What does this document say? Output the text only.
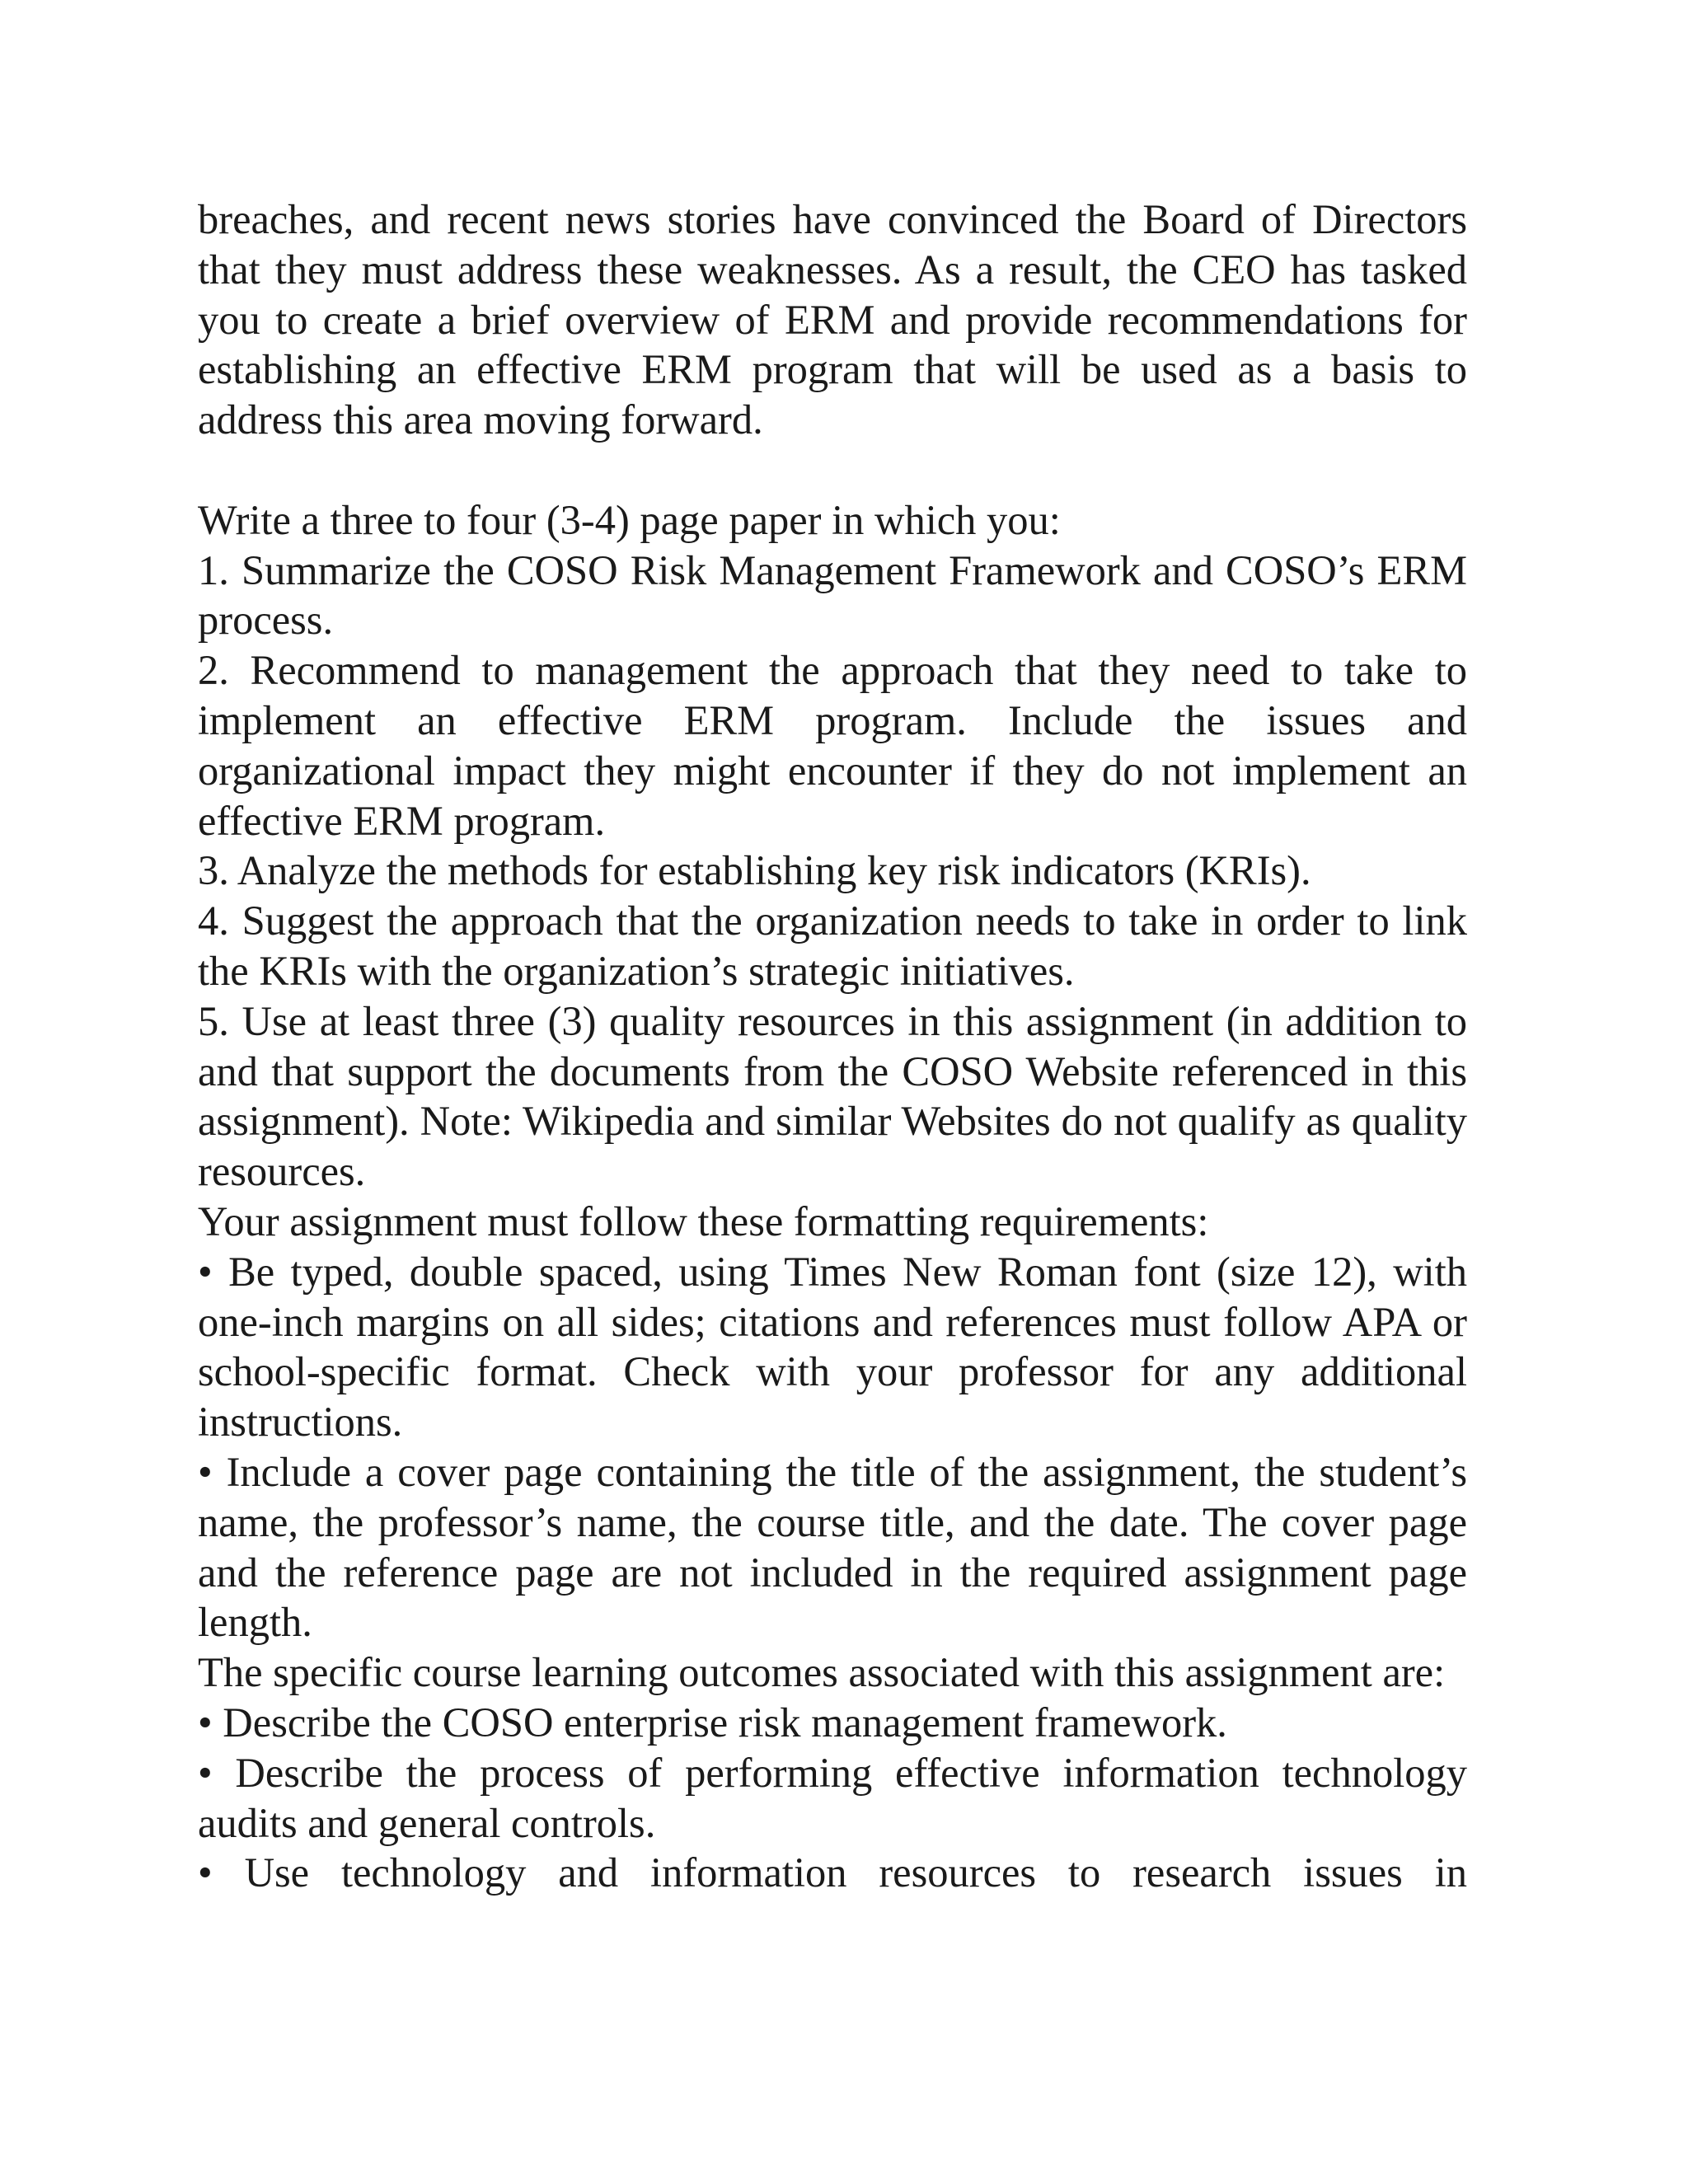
breaches, and recent news stories have convinced the Board of Directors that they must address these weaknesses. As a result, the CEO has tasked you to create a brief overview of ERM and provide recommendations for establishing an effective ERM program that will be used as a basis to address this area moving forward.

Write a three to four (3-4) page paper in which you:

1. Summarize the COSO Risk Management Framework and COSO’s ERM process.

2. Recommend to management the approach that they need to take to implement an effective ERM program. Include the issues and organizational impact they might encounter if they do not implement an effective ERM program.

3. Analyze the methods for establishing key risk indicators (KRIs).

4. Suggest the approach that the organization needs to take in order to link the KRIs with the organization’s strategic initiatives.

5. Use at least three (3) quality resources in this assignment (in addition to and that support the documents from the COSO Website referenced in this assignment). Note: Wikipedia and similar Websites do not qualify as quality resources.

Your assignment must follow these formatting requirements:

• Be typed, double spaced, using Times New Roman font (size 12), with one-inch margins on all sides; citations and references must follow APA or school-specific format. Check with your professor for any additional instructions.

• Include a cover page containing the title of the assignment, the student’s name, the professor’s name, the course title, and the date. The cover page and the reference page are not included in the required assignment page length.

The specific course learning outcomes associated with this assignment are:

• Describe the COSO enterprise risk management framework.

• Describe the process of performing effective information technology audits and general controls.

• Use technology and information resources to research issues in
